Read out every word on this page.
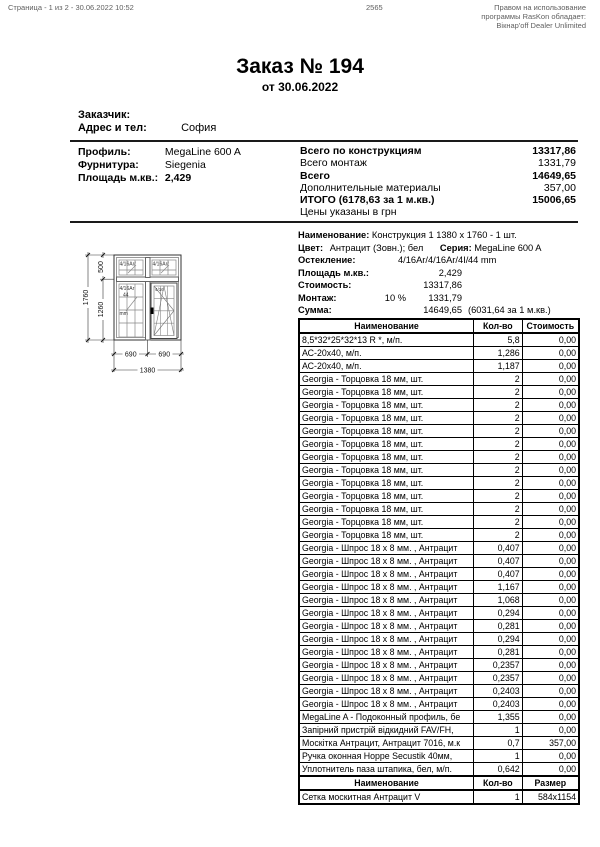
Страница - 1 из 2 - 30.06.2022 10:52	2565	Правом на использование
программы RasKon обладает:
Вікнар'off Dealer Unlimited
Заказ № 194
от 30.06.2022
Заказчик:
Адрес и тел:	София
Профиль:	MegaLine 600 A
Фурнитура: Siegenia
Площадь м.кв.: 2,429
Всего по конструкциям	13317,86
Всего монтаж	1331,79
Всего	14649,65
Дополнительные материалы	357,00
ИТОГО (6178,63 за 1 м.кв.)	15006,65
Цены указаны в грн
4/16Ar/	4/16Ar/
4/16Ar
44
mm
4/16
500
1260
1760
690	690
1380
Наименование: Конструкция 1 1380 x 1760 - 1 шт.
Цвет: Антрацит (Зовн.); бел Серия: MegaLine 600 A
Остекление:	4/16Ar/4/16Ar/4I/ 44 mm
Площадь м.кв.:	2,429
Стоимость:	13317,86
Монтаж:	10 %	1331,79
Сумма:	14649,65 (6031,64 за 1 м.кв.)
Наименование	Кол-во	Стоимость
8,5*32*25*32*13 R *, м/п.	5,8	0,00
АС-20х40, м/п.	1,286	0,00
АС-20х40, м/п.	1,187	0,00
Georgia - Торцовка 18 мм, шт.	2	0,00
Georgia - Торцовка 18 мм, шт.	2	0,00
Georgia - Торцовка 18 мм, шт.	2	0,00
Georgia - Торцовка 18 мм, шт.	2	0,00
Georgia - Торцовка 18 мм, шт.	2	0,00
Georgia - Торцовка 18 мм, шт.	2	0,00
Georgia - Торцовка 18 мм, шт.	2	0,00
Georgia - Торцовка 18 мм, шт.	2	0,00
Georgia - Торцовка 18 мм, шт.	2	0,00
Georgia - Торцовка 18 мм, шт.	2	0,00
Georgia - Торцовка 18 мм, шт.	2	0,00
Georgia - Торцовка 18 мм, шт.	2	0,00
Georgia - Торцовка 18 мм, шт.	2	0,00
Georgia - Шпрос 18 х 8 мм. , Антрацит	0,407	0,00
Georgia - Шпрос 18 х 8 мм. , Антрацит	0,407	0,00
Georgia - Шпрос 18 х 8 мм. , Антрацит	0,407	0,00
Georgia - Шпрос 18 х 8 мм. , Антрацит	1,167	0,00
Georgia - Шпрос 18 х 8 мм. , Антрацит	1,068	0,00
Georgia - Шпрос 18 х 8 мм. , Антрацит	0,294	0,00
Georgia - Шпрос 18 х 8 мм. , Антрацит	0,281	0,00
Georgia - Шпрос 18 х 8 мм. , Антрацит	0,294	0,00
Georgia - Шпрос 18 х 8 мм. , Антрацит	0,281	0,00
Georgia - Шпрос 18 х 8 мм. , Антрацит	0,2357	0,00
Georgia - Шпрос 18 х 8 мм. , Антрацит	0,2357	0,00
Georgia - Шпрос 18 х 8 мм. , Антрацит	0,2403	0,00
Georgia - Шпрос 18 х 8 мм. , Антрацит	0,2403	0,00
MegaLine A - Подоконный профиль, бе	1,355	0,00
Запірний пристрій відкидний FAV/FH,	1	0,00
Москітка Антрацит, Антрацит 7016, м.к	0,7	357,00
Ручка оконная Hoppe Secustik 40мм,	1	0,00
Уплотнитель паза штапика, бел, м/п.	0,642	0,00
Наименование	Кол-во	Размер
Сетка москитная Антрацит V	1	584х1154
